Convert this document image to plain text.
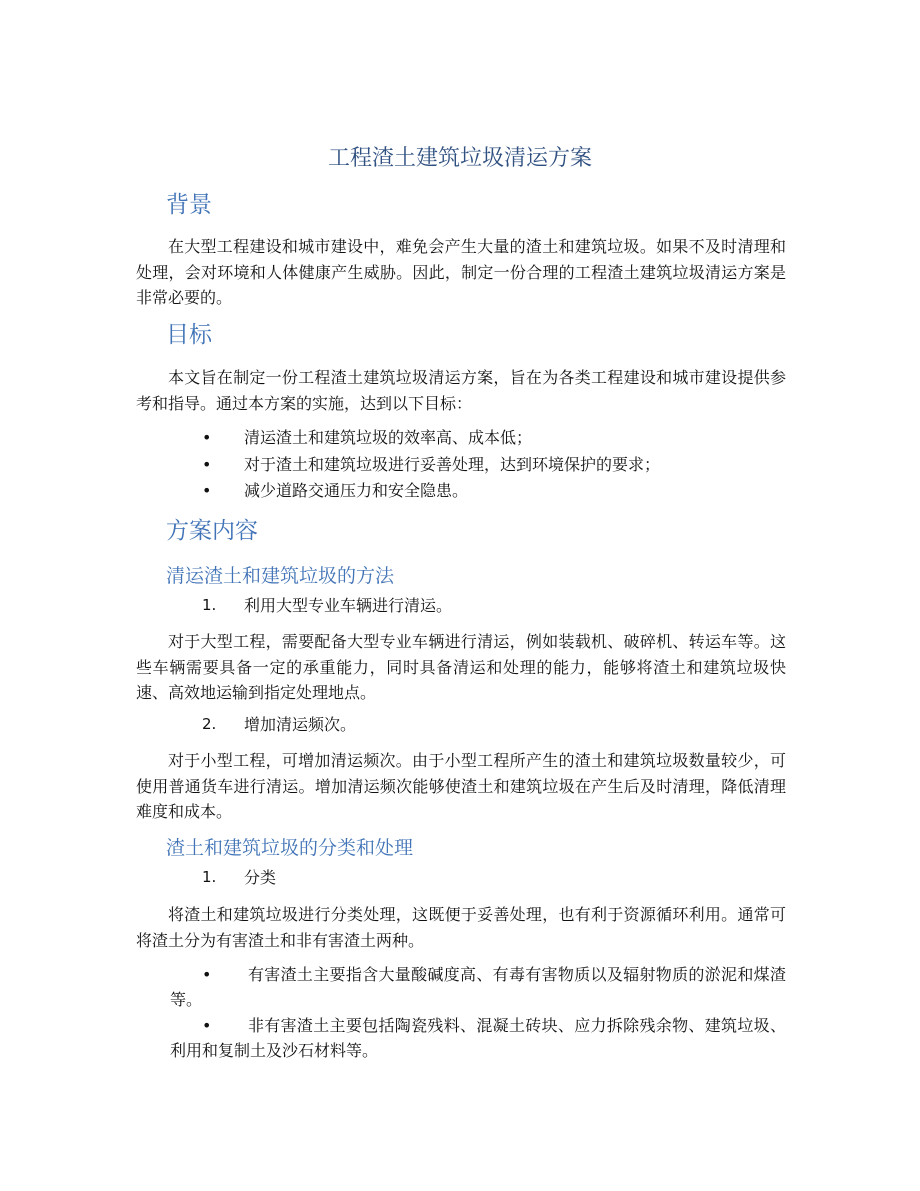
工程渣土建筑垃圾清运方案
背景
在大型工程建设和城市建设中，难免会产生大量的渣土和建筑垃圾。如果不及时清理和处理，会对环境和人体健康产生威胁。因此，制定一份合理的工程渣土建筑垃圾清运方案是非常必要的。
目标
本文旨在制定一份工程渣土建筑垃圾清运方案，旨在为各类工程建设和城市建设提供参考和指导。通过本方案的实施，达到以下目标：
• 清运渣土和建筑垃圾的效率高、成本低；
• 对于渣土和建筑垃圾进行妥善处理，达到环境保护的要求；
• 减少道路交通压力和安全隐患。
方案内容
清运渣土和建筑垃圾的方法
1. 利用大型专业车辆进行清运。
对于大型工程，需要配备大型专业车辆进行清运，例如装载机、破碎机、转运车等。这些车辆需要具备一定的承重能力，同时具备清运和处理的能力，能够将渣土和建筑垃圾快速、高效地运输到指定处理地点。
2. 增加清运频次。
对于小型工程，可增加清运频次。由于小型工程所产生的渣土和建筑垃圾数量较少，可使用普通货车进行清运。增加清运频次能够使渣土和建筑垃圾在产生后及时清理，降低清理难度和成本。
渣土和建筑垃圾的分类和处理
1. 分类
将渣土和建筑垃圾进行分类处理，这既便于妥善处理，也有利于资源循环利用。通常可将渣土分为有害渣土和非有害渣土两种。
•	有害渣土主要指含大量酸碱度高、有毒有害物质以及辐射物质的淤泥和煤渣等。
•	非有害渣土主要包括陶瓷残料、混凝土砖块、应力拆除残余物、建筑垃圾、利用和复制土及沙石材料等。
